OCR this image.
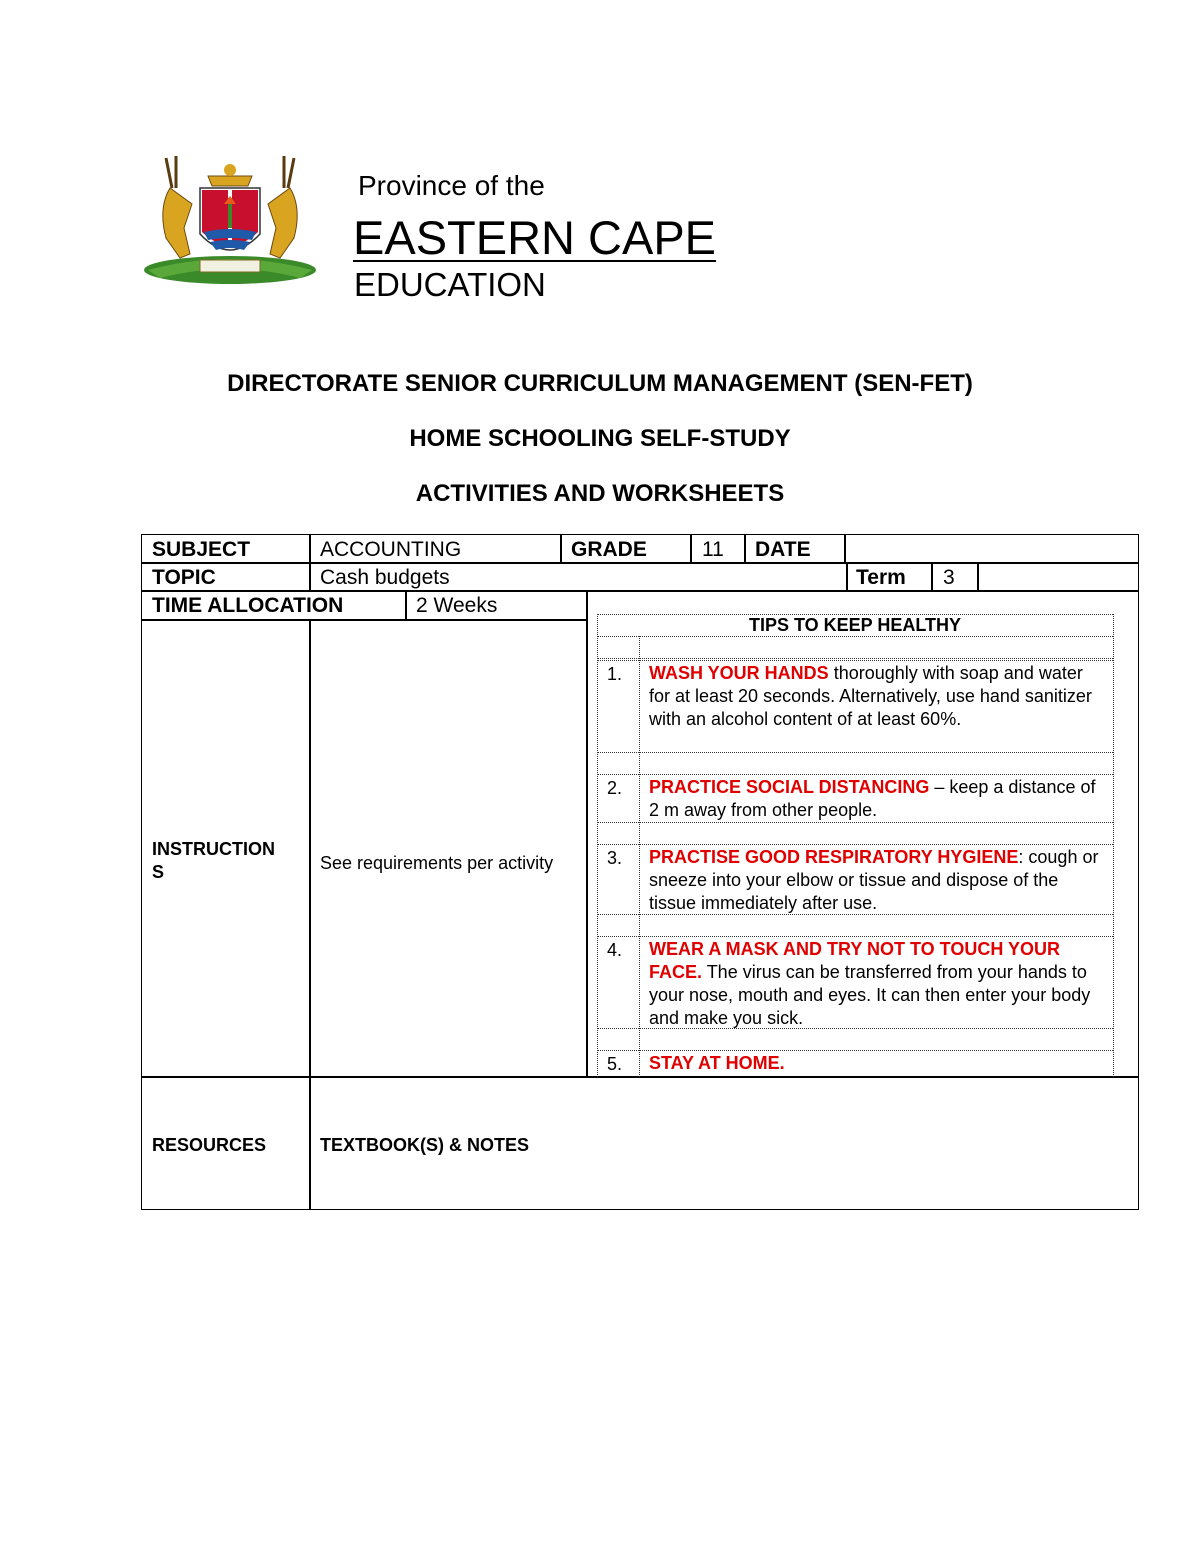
Province of the
EASTERN CAPE
EDUCATION
DIRECTORATE SENIOR CURRICULUM MANAGEMENT (SEN-FET)
HOME SCHOOLING SELF-STUDY
ACTIVITIES AND WORKSHEETS
SUBJECT	ACCOUNTING	GRADE	11 DATE
TOPIC	Cash budgets	Term 3
TIME ALLOCATION	2 Weeks
INSTRUCTION
S	See requirements per activity
RESOURCES	TEXTBOOK(S) & NOTES
TIPS TO KEEP HEALTHY
1. WASH YOUR HANDS thoroughly with soap and water for at least 20 seconds. Alternatively, use hand sanitizer with an alcohol content of at least 60%.
2. PRACTICE SOCIAL DISTANCING – keep a distance of 2 m away from other people.
3. PRACTISE GOOD RESPIRATORY HYGIENE: cough or sneeze into your elbow or tissue and dispose of the tissue immediately after use.
4. WEAR A MASK AND TRY NOT TO TOUCH YOUR FACE. The virus can be transferred from your hands to your nose, mouth and eyes. It can then enter your body and make you sick.
5. STAY AT HOME.
